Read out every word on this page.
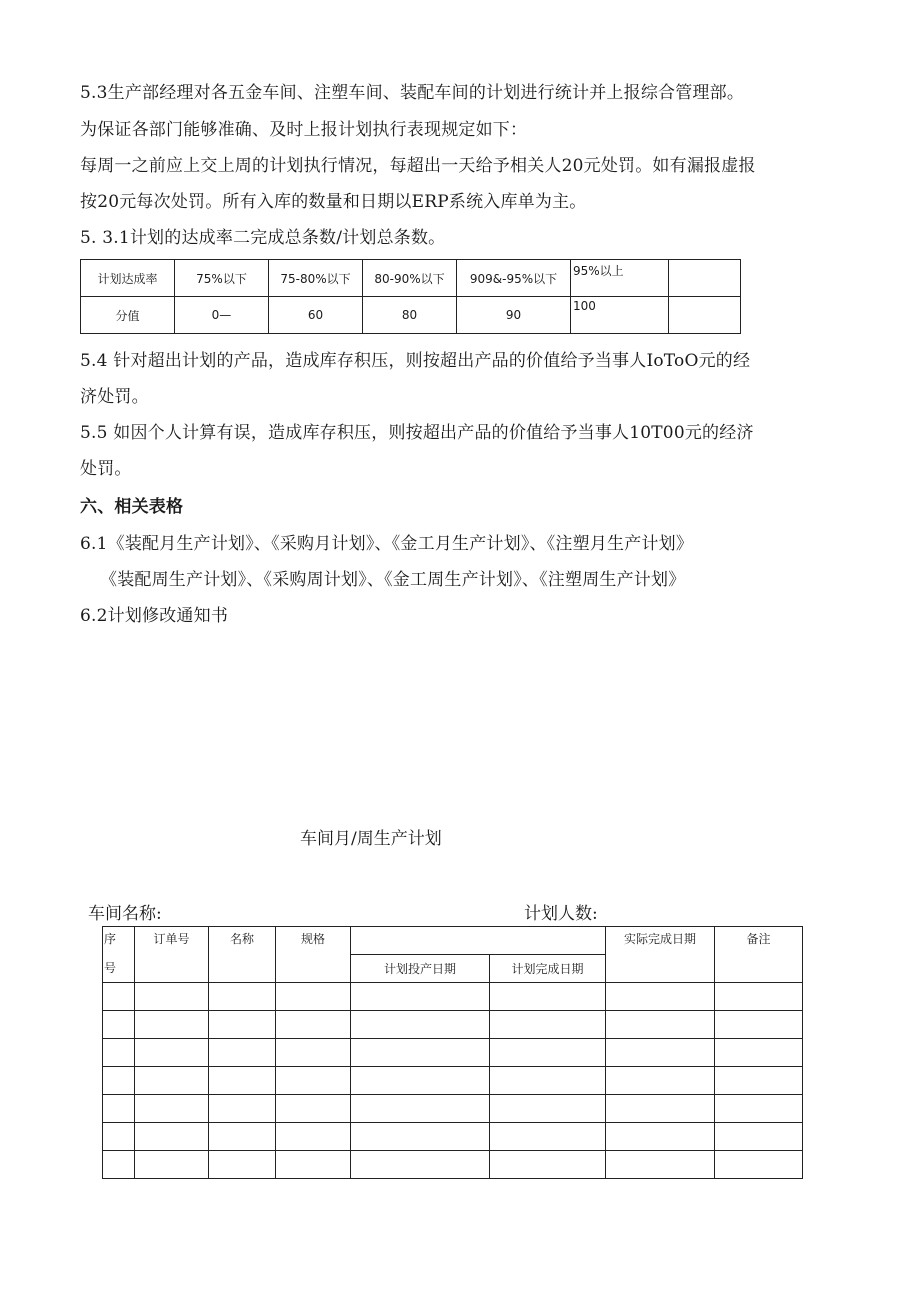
5.3生产部经理对各五金车间、注塑车间、装配车间的计划进行统计并上报综合管理部。
为保证各部门能够准确、及时上报计划执行表现规定如下：
每周一之前应上交上周的计划执行情况，每超出一天给予相关人20元处罚。如有漏报虚报
按20元每次处罚。所有入库的数量和日期以ERP系统入库单为主。
5. 3.1计划的达成率二完成总条数/计划总条数。
计划达成率	75%以下	75-80%以下	80-90%以下	909&-95%以下	95%以上	
分值	0—	60	80	90	100	
5.4 针对超出计划的产品，造成库存积压，则按超出产品的价值给予当事人IoToO元的经
济处罚。
5.5 如因个人计算有误，造成库存积压，则按超出产品的价值给予当事人10T00元的经济
处罚。
六、相关表格
6.1《装配月生产计划》、《采购月计划》、《金工月生产计划》、《注塑月生产计划》
《装配周生产计划》、《采购周计划》、《金工周生产计划》、《注塑周生产计划》
6.2计划修改通知书
车间月/周生产计划
车间名称:	计划人数:
序
号	订单号	名称	规格			实际完成日期	备注
				计划投产日期	计划完成日期		
